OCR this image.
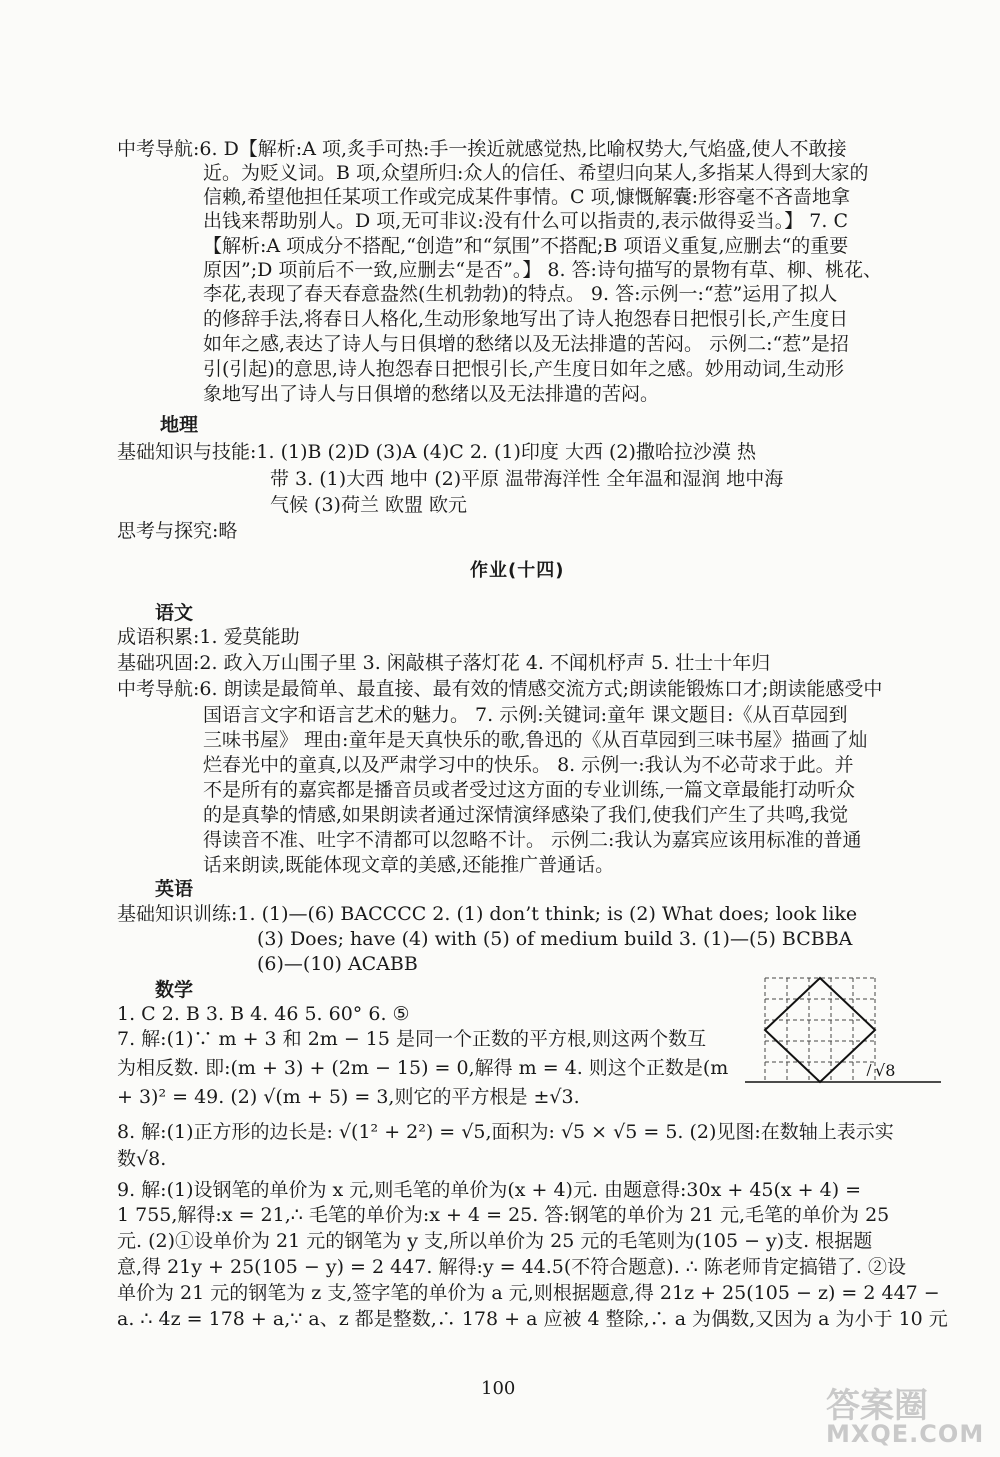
中考导航:6. D【解析:A 项,炙手可热:手一挨近就感觉热,比喻权势大,气焰盛,使人不敢接
近。为贬义词。B 项,众望所归:众人的信任、希望归向某人,多指某人得到大家的
信赖,希望他担任某项工作或完成某件事情。C 项,慷慨解囊:形容毫不吝啬地拿
出钱来帮助别人。D 项,无可非议:没有什么可以指责的,表示做得妥当。】 7. C
【解析:A 项成分不搭配,“创造”和“氛围”不搭配;B 项语义重复,应删去“的重要
原因”;D 项前后不一致,应删去“是否”。】 8. 答:诗句描写的景物有草、柳、桃花、
李花,表现了春天春意盎然(生机勃勃)的特点。 9. 答:示例一:“惹”运用了拟人
的修辞手法,将春日人格化,生动形象地写出了诗人抱怨春日把恨引长,产生度日
如年之感,表达了诗人与日俱增的愁绪以及无法排遣的苦闷。 示例二:“惹”是招
引(引起)的意思,诗人抱怨春日把恨引长,产生度日如年之感。妙用动词,生动形
象地写出了诗人与日俱增的愁绪以及无法排遣的苦闷。
地理
基础知识与技能:1. (1)B (2)D (3)A (4)C 2. (1)印度 大西 (2)撒哈拉沙漠 热
带 3. (1)大西 地中 (2)平原 温带海洋性 全年温和湿润 地中海
气候 (3)荷兰 欧盟 欧元
思考与探究:略
作业(十四)
语文
成语积累:1. 爱莫能助
基础巩固:2. 政入万山围子里 3. 闲敲棋子落灯花 4. 不闻机杼声 5. 壮士十年归
中考导航:6. 朗读是最简单、最直接、最有效的情感交流方式;朗读能锻炼口才;朗读能感受中
国语言文字和语言艺术的魅力。 7. 示例:关键词:童年 课文题目:《从百草园到
三味书屋》 理由:童年是天真快乐的歌,鲁迅的《从百草园到三味书屋》描画了灿
烂春光中的童真,以及严肃学习中的快乐。 8. 示例一:我认为不必苛求于此。并
不是所有的嘉宾都是播音员或者受过这方面的专业训练,一篇文章最能打动听众
的是真挚的情感,如果朗读者通过深情演绎感染了我们,使我们产生了共鸣,我觉
得读音不准、吐字不清都可以忽略不计。 示例二:我认为嘉宾应该用标准的普通
话来朗读,既能体现文章的美感,还能推广普通话。
英语
基础知识训练:1. (1)—(6) BACCCC 2. (1) don’t think; is (2) What does; look like
(3) Does; have (4) with (5) of medium build 3. (1)—(5) BCBBA
(6)—(10) ACABB
数学
1. C 2. B 3. B 4. 46 5. 60° 6. ⑤
7. 解:(1)∵ m + 3 和 2m − 15 是同一个正数的平方根,则这两个数互
为相反数. 即:(m + 3) + (2m − 15) = 0,解得 m = 4. 则这个正数是(m
+ 3)² = 49. (2) √(m + 5) = 3,则它的平方根是 ±√3.
8. 解:(1)正方形的边长是: √(1² + 2²) = √5,面积为: √5 × √5 = 5. (2)见图:在数轴上表示实
数√8.
9. 解:(1)设钢笔的单价为 x 元,则毛笔的单价为(x + 4)元. 由题意得:30x + 45(x + 4) =
1 755,解得:x = 21,∴ 毛笔的单价为:x + 4 = 25. 答:钢笔的单价为 21 元,毛笔的单价为 25
元. (2)①设单价为 21 元的钢笔为 y 支,所以单价为 25 元的毛笔则为(105 − y)支. 根据题
意,得 21y + 25(105 − y) = 2 447. 解得:y = 44.5(不符合题意). ∴ 陈老师肯定搞错了. ②设
单价为 21 元的钢笔为 z 支,签字笔的单价为 a 元,则根据题意,得 21z + 25(105 − z) = 2 447 −
a. ∴ 4z = 178 + a,∵ a、z 都是整数,∴ 178 + a 应被 4 整除,∴ a 为偶数,又因为 a 为小于 10 元
√8
100	答案圈
MXQE.COM
